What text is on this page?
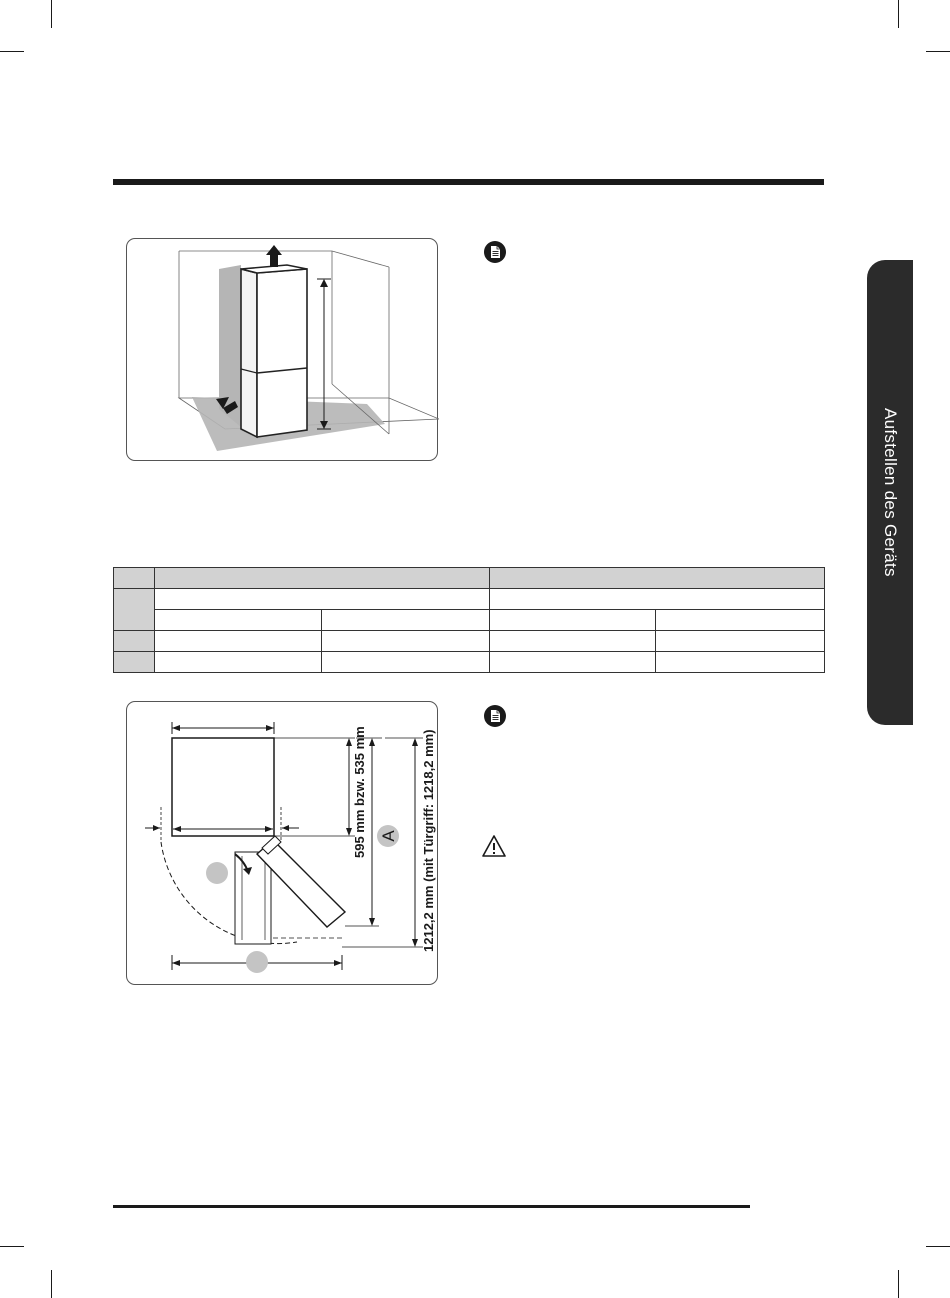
Aufstellen des Geräts

595 mm bzw. 535 mm A 1212,2 mm (mit Türgriff: 1218,2 mm)
